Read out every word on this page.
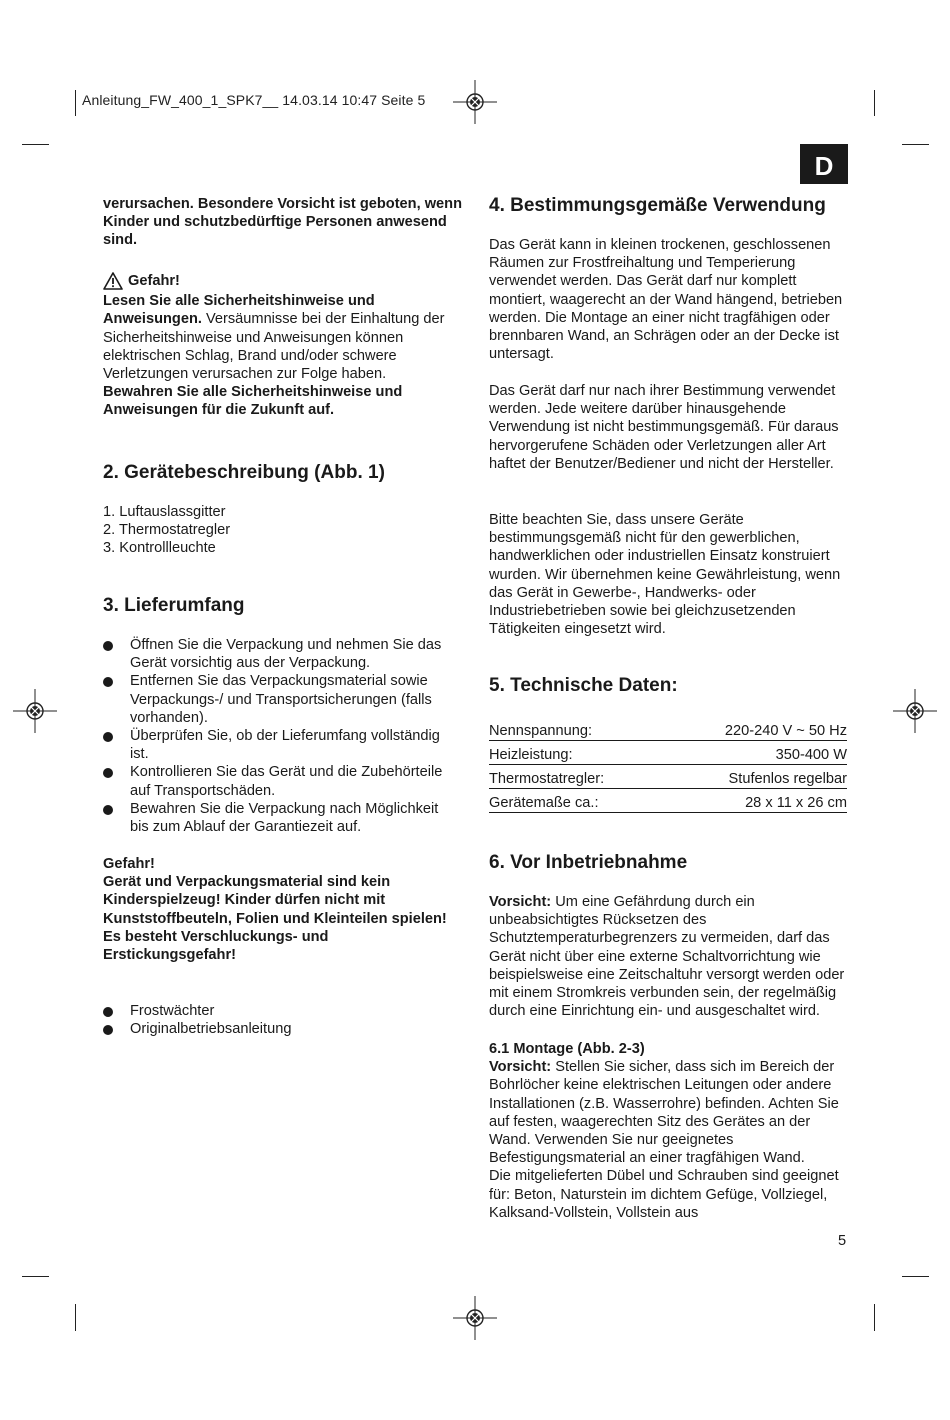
Anleitung_FW_400_1_SPK7__ 14.03.14 10:47 Seite 5
D

verursachen. Besondere Vorsicht ist geboten, wenn Kinder und schutzbedürftige Personen anwesend sind.

Gefahr!

Lesen Sie alle Sicherheitshinweise und Anweisungen. Versäumnisse bei der Einhaltung der Sicherheitshinweise und Anweisungen können elektrischen Schlag, Brand und/oder schwere Verletzungen verursachen zur Folge haben.

Bewahren Sie alle Sicherheitshinweise und Anweisungen für die Zukunft auf.

2. Gerätebeschreibung (Abb. 1)
1. Luftauslassgitter
2. Thermostatregler
3. Kontrollleuchte
3. Lieferumfang
Öffnen Sie die Verpackung und nehmen Sie das Gerät vorsichtig aus der Verpackung.
Entfernen Sie das Verpackungsmaterial sowie Verpackungs-/ und Transportsicherungen (falls vorhanden).
Überprüfen Sie, ob der Lieferumfang vollständig ist.
Kontrollieren Sie das Gerät und die Zubehörteile auf Transportschäden.
Bewahren Sie die Verpackung nach Möglichkeit bis zum Ablauf der Garantiezeit auf.

Gefahr!

Gerät und Verpackungsmaterial sind kein Kinderspielzeug! Kinder dürfen nicht mit Kunststoffbeuteln, Folien und Kleinteilen spielen!

Es besteht Verschluckungs- und Erstickungsgefahr!

Frostwächter
Originalbetriebsanleitung
4. Bestimmungsgemäße Verwendung

Das Gerät kann in kleinen trockenen, geschlossenen Räumen zur Frostfreihaltung und Temperierung verwendet werden. Das Gerät darf nur komplett montiert, waagerecht an der Wand hängend, betrieben werden. Die Montage an einer nicht tragfähigen oder brennbaren Wand, an Schrägen oder an der Decke ist untersagt.

Das Gerät darf nur nach ihrer Bestimmung verwendet werden. Jede weitere darüber hinausgehende Verwendung ist nicht bestimmungsgemäß. Für daraus hervorgerufene Schäden oder Verletzungen aller Art haftet der Benutzer/Bediener und nicht der Hersteller.

Bitte beachten Sie, dass unsere Geräte bestimmungsgemäß nicht für den gewerblichen, handwerklichen oder industriellen Einsatz konstruiert wurden. Wir übernehmen keine Gewährleistung, wenn das Gerät in Gewerbe-, Handwerks- oder Industriebetrieben sowie bei gleichzusetzenden Tätigkeiten eingesetzt wird.

5. Technische Daten:
Nennspannung:	220-240 V ~ 50 Hz
Heizleistung:	350-400 W
Thermostatregler:	Stufenlos regelbar
Gerätemaße ca.:	28 x 11 x 26 cm
6. Vor Inbetriebnahme

Vorsicht: Um eine Gefährdung durch ein unbeabsichtigtes Rücksetzen des Schutztemperaturbegrenzers zu vermeiden, darf das Gerät nicht über eine externe Schaltvorrichtung wie beispielsweise eine Zeitschaltuhr versorgt werden oder mit einem Stromkreis verbunden sein, der regelmäßig durch eine Einrichtung ein- und ausgeschaltet wird.

6.1 Montage (Abb. 2-3)

Vorsicht: Stellen Sie sicher, dass sich im Bereich der Bohrlöcher keine elektrischen Leitungen oder andere Installationen (z.B. Wasserrohre) befinden. Achten Sie auf festen, waagerechten Sitz des Gerätes an der Wand. Verwenden Sie nur geeignetes Befestigungsmaterial an einer tragfähigen Wand.

Die mitgelieferten Dübel und Schrauben sind geeignet für: Beton, Naturstein im dichtem Gefüge, Vollziegel, Kalksand-Vollstein, Vollstein aus

5
